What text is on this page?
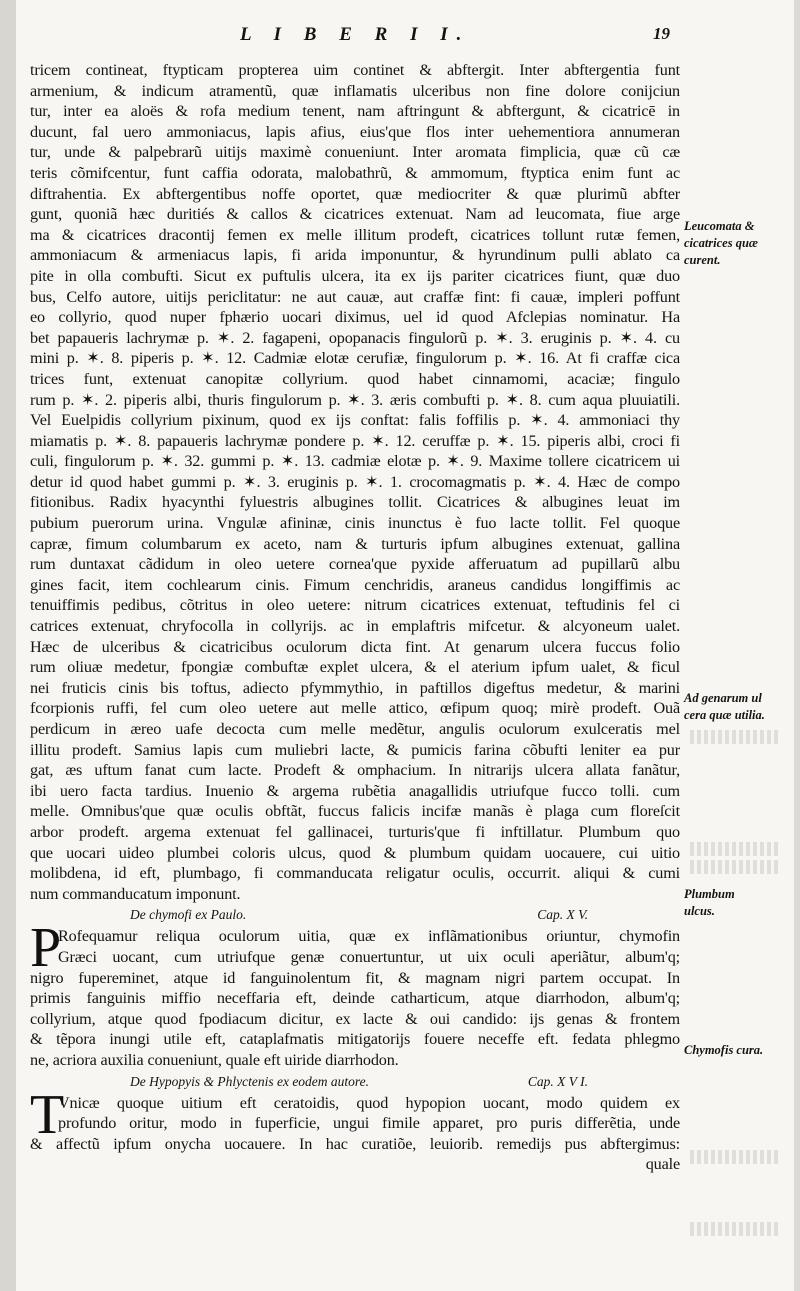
L I B E R I I.	19
tricem contineat, ftypticam propterea uim continet & abftergit. Inter abftergentia funt
armenium, & indicum atramentũ, quæ inflamatis ulceribus non fine dolore conijciun
tur, inter ea aloës & rofa medium tenent, nam aftringunt & abftergunt, & cicatricē in
ducunt, fal uero ammoniacus, lapis afius, eius'que flos inter uehementiora annumeran
tur, unde & palpebrarũ uitijs maximè conueniunt. Inter aromata fimplicia, quæ cũ cæ
teris cõmifcentur, funt caffia odorata, malobathrũ, & ammomum, ftyptica enim funt ac
diftrahentia. Ex abftergentibus noffe oportet, quæ mediocriter & quæ plurimũ abfter
gunt, quoniã hæc duritiés & callos & cicatrices extenuat. Nam ad leucomata, fiue arge
ma & cicatrices dracontij femen ex melle illitum prodeft, cicatrices tollunt rutæ femen,
ammoniacum & armeniacus lapis, fi arida imponuntur, & hyrundinum pulli ablato ca
pite in olla combufti. Sicut ex puftulis ulcera, ita ex ijs pariter cicatrices fiunt, quæ duo
bus, Celfo autore, uitijs periclitatur: ne aut cauæ, aut craffæ fint: fi cauæ, impleri poffunt
eo collyrio, quod nuper fphærio uocari diximus, uel id quod Afclepias nominatur. Ha
bet papaueris lachrymæ p. ✶. 2. fagapeni, opopanacis fingulorũ p. ✶. 3. eruginis p. ✶. 4. cu
mini p. ✶. 8. piperis p. ✶. 12. Cadmiæ elotæ cerufiæ, fingulorum p. ✶. 16. At fi craffæ cica
trices funt, extenuat canopitæ collyrium. quod habet cinnamomi, acaciæ; fingulo
rum p. ✶. 2. piperis albi, thuris fingulorum p. ✶. 3. æris combufti p. ✶. 8. cum aqua pluuiatili.
Vel Euelpidis collyrium pixinum, quod ex ijs conftat: falis foffilis p. ✶. 4. ammoniaci thy
miamatis p. ✶. 8. papaueris lachrymæ pondere p. ✶. 12. ceruffæ p. ✶. 15. piperis albi, croci fi
culi, fingulorum p. ✶. 32. gummi p. ✶. 13. cadmiæ elotæ p. ✶. 9. Maxime tollere cicatricem ui
detur id quod habet gummi p. ✶. 3. eruginis p. ✶. 1. crocomagmatis p. ✶. 4. Hæc de compo
fitionibus. Radix hyacynthi fyluestris albugines tollit. Cicatrices & albugines leuat im
pubium puerorum urina. Vngulæ afininæ, cinis inunctus è fuo lacte tollit. Fel quoque
capræ, fimum columbarum ex aceto, nam & turturis ipfum albugines extenuat, gallina
rum duntaxat cãdidum in oleo uetere cornea'que pyxide afferuatum ad pupillarũ albu
gines facit, item cochlearum cinis. Fimum cenchridis, araneus candidus longiffimis ac
tenuiffimis pedibus, cõtritus in oleo uetere: nitrum cicatrices extenuat, teftudinis fel ci
catrices extenuat, chryfocolla in collyrijs. ac in emplaftris mifcetur. & alcyoneum ualet.
Hæc de ulceribus & cicatricibus oculorum dicta fint. At genarum ulcera fuccus folio
rum oliuæ medetur, fpongiæ combuftæ explet ulcera, & el aterium ipfum ualet, & ficul
nei fruticis cinis bis toftus, adiecto pfymmythio, in paftillos digeftus medetur, & marini
fcorpionis ruffi, fel cum oleo uetere aut melle attico, œfipum quoq; mirè prodeft. Ouã
perdicum in æreo uafe decocta cum melle medẽtur, angulis oculorum exulceratis mel
illitu prodeft. Samius lapis cum muliebri lacte, & pumicis farina cõbufti leniter ea pur
gat, æs uftum fanat cum lacte. Prodeft & omphacium. In nitrarijs ulcera allata fanãtur,
ibi uero facta tardius. Inuenio & argema rubẽtia anagallidis utriufque fucco tolli. cum
melle. Omnibus'que quæ oculis obftãt, fuccus falicis incifæ manãs è plaga cum floreſcit
arbor prodeft. argema extenuat fel gallinacei, turturis'que fi inftillatur. Plumbum quo
que uocari uideo plumbei coloris ulcus, quod & plumbum quidam uocauere, cui uitio
molibdena, id eft, plumbago, fi commanducata religatur oculis, occurrit. aliqui & cumi
num commanducatum imponunt.
De chymofi ex Paulo.	Cap. X V.
P
Rofequamur reliqua oculorum uitia, quæ ex inflãmationibus oriuntur, chymofin
Græci uocant, cum utriufque genæ conuertuntur, ut uix oculi aperiãtur, album'q;
nigro fupereminet, atque id fanguinolentum fit, & magnam nigri partem occupat. In
primis fanguinis miffio neceffaria eft, deinde catharticum, atque diarrhodon, album'q;
collyrium, atque quod fpodiacum dicitur, ex lacte & oui candido: ijs genas & frontem
& tẽpora inungi utile eft, cataplafmatis mitigatorijs fouere neceffe eft. fedata phlegmo
ne, acriora auxilia conueniunt, quale eft uiride diarrhodon.
De Hypopyis & Phlyctenis ex eodem autore.	Cap. X V I.
T
Vnicæ quoque uitium eft ceratoidis, quod hypopion uocant, modo quidem ex
profundo oritur, modo in fuperficie, ungui fimile apparet, pro puris differẽtia, unde
& affectũ ipfum onycha uocauere. In hac curatiõe, leuiorib. remedijs pus abftergimus:
quale
Leucomata &
cicatrices quæ
curent.
Ad genarum ul
cera quæ utilia.
Plumbum
ulcus.
Chymofis cura.
